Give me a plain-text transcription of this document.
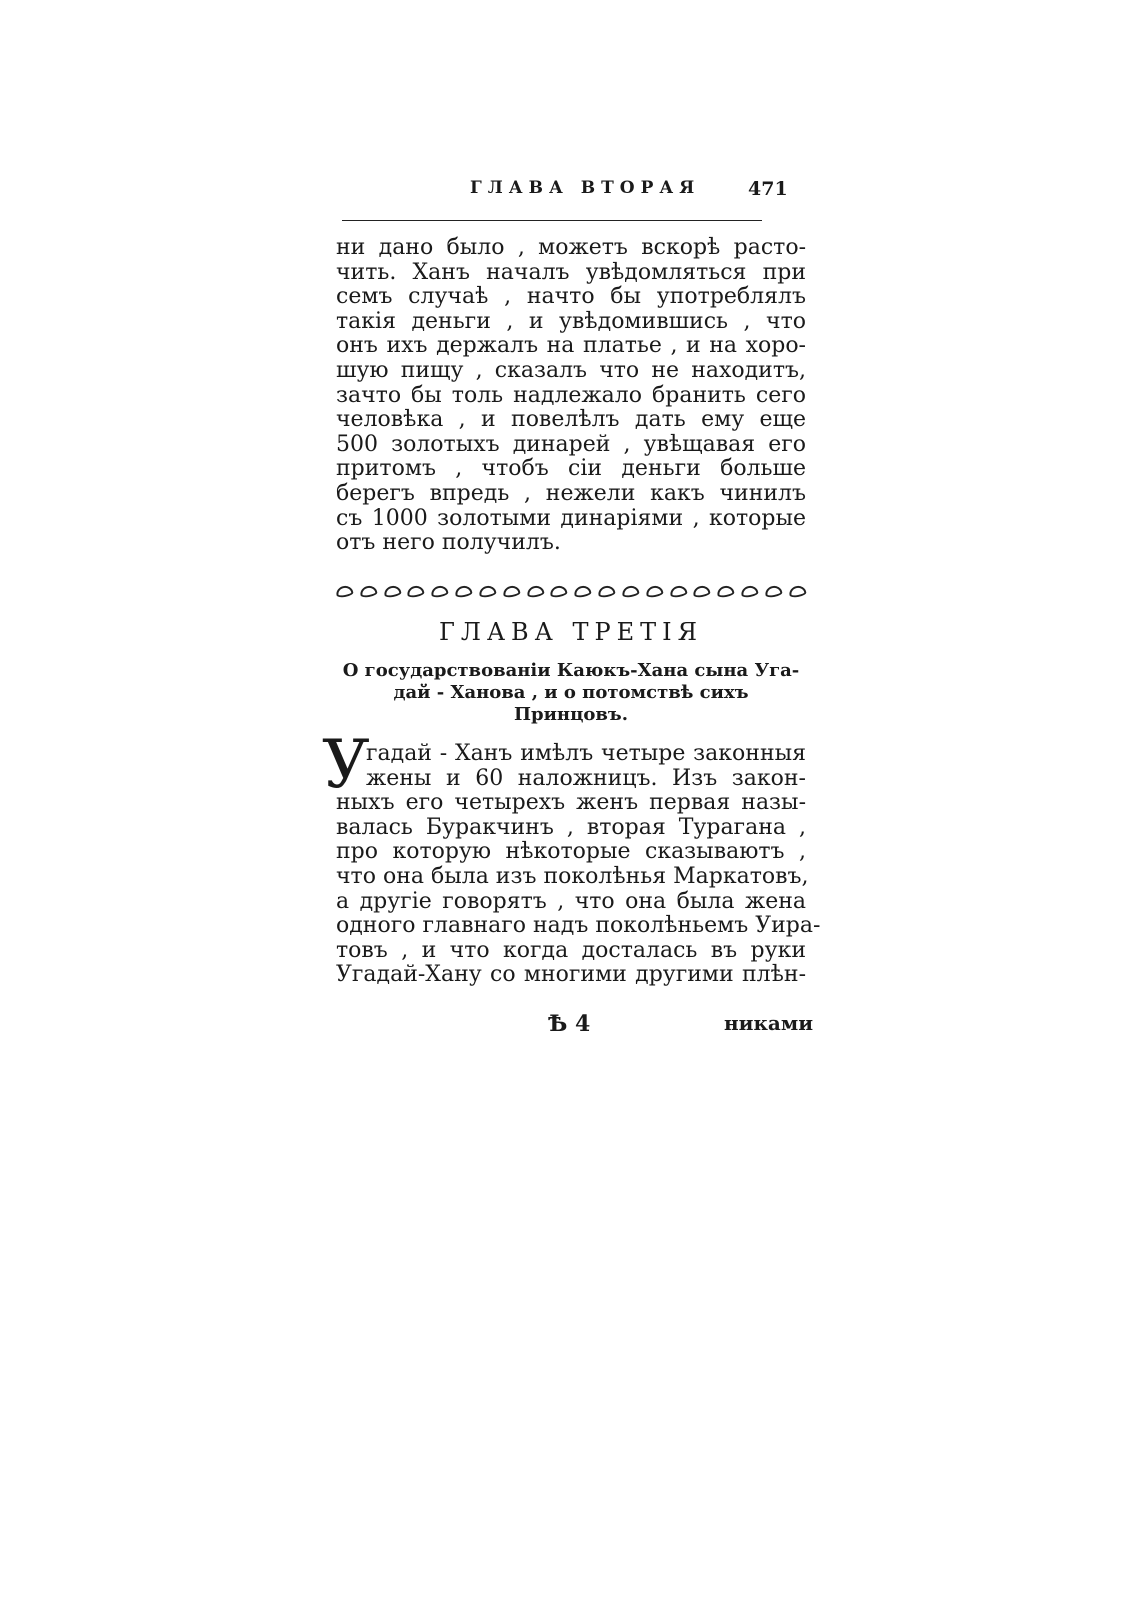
ГЛАВА ВТОРАЯ	471
ни дано было , можетъ вскорѣ расто-
чить. Ханъ началъ увѣдомляться при
семъ случаѣ , начто бы употреблялъ
такія деньги , и увѣдомившись , что
онъ ихъ держалъ на платье , и на хоро-
шую пищу , сказалъ что не находитъ,
зачто бы толь надлежало бранить сего
человѣка , и повелѣлъ дать ему еще
500 золотыхъ динарей , увѣщавая его
притомъ , чтобъ сіи деньги больше
берегъ впредь , нежели какъ чинилъ
съ 1000 золотыми динаріями , которые
отъ него получилъ.
ГЛАВА ТРЕТІЯ
О государствованіи Каюкъ-Хана сына Уга-
дай - Ханова , и о потомствѣ сихъ
Принцовъ.
У
гадай - Ханъ имѣлъ четыре законныя
жены и 60 наложницъ. Изъ закон-
ныхъ его четырехъ женъ первая назы-
валась Буракчинъ , вторая Турагана ,
про которую нѣкоторые сказываютъ ,
что она была изъ поколѣнья Маркатовъ,
а другіе говорятъ , что она была жена
одного главнаго надъ поколѣньемъ Уира-
товъ , и что когда досталась въ руки
Угадай-Хану со многими другими плѣн-
Ѣ 4	никами
